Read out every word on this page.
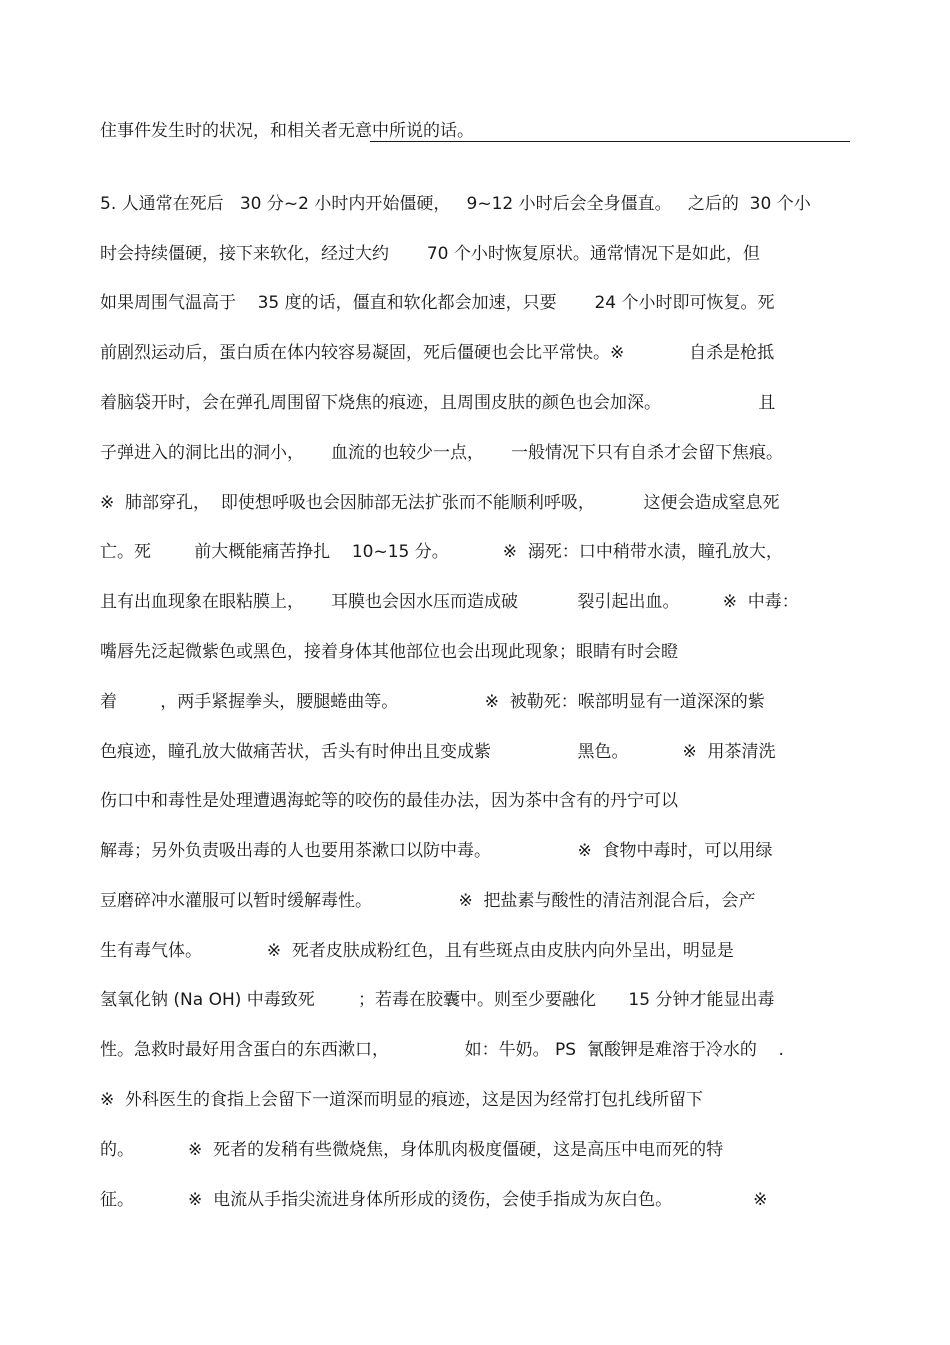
住事件发生时的状况，和相关者无意中所说的话。
5. 人通常在死后   30 分~2 小时内开始僵硬，   9~12 小时后会全身僵直。   之后的  30 个小
时会持续僵硬，接下来软化，经过大约       70 个小时恢复原状。通常情况下是如此，但
如果周围气温高于    35 度的话，僵直和软化都会加速，只要       24 个小时即可恢复。死
前剧烈运动后，蛋白质在体内较容易凝固，死后僵硬也会比平常快。※            自杀是枪抵
着脑袋开时，会在弹孔周围留下烧焦的痕迹，且周围皮肤的颜色也会加深。                  且
子弹进入的洞比出的洞小，     血流的也较少一点，     一般情况下只有自杀才会留下焦痕。
※  肺部穿孔，  即使想呼吸也会因肺部无法扩张而不能顺利呼吸，         这便会造成窒息死
亡。死        前大概能痛苦挣扎    10~15 分。          ※  溺死：口中稍带水渍，瞳孔放大，
且有出血现象在眼粘膜上，     耳膜也会因水压而造成破           裂引起出血。        ※  中毒：
嘴唇先泛起微紫色或黑色，接着身体其他部位也会出现此现象；眼睛有时会瞪
着        ，两手紧握拳头，腰腿蜷曲等。                ※  被勒死：喉部明显有一道深深的紫
色痕迹，瞳孔放大做痛苦状，舌头有时伸出且变成紫                黑色。          ※  用茶清洗
伤口中和毒性是处理遭遇海蛇等的咬伤的最佳办法，因为茶中含有的丹宁可以
解毒；另外负责吸出毒的人也要用茶漱口以防中毒。                ※  食物中毒时，可以用绿
豆磨碎冲水灌服可以暂时缓解毒性。                ※  把盐素与酸性的清洁剂混合后，会产
生有毒气体。            ※  死者皮肤成粉红色，且有些斑点由皮肤内向外呈出，明显是
氢氧化钠 (Na OH) 中毒致死        ；若毒在胶囊中。则至少要融化      15 分钟才能显出毒
性。急救时最好用含蛋白的东西漱口，              如：牛奶。 PS  氰酸钾是难溶于冷水的    .
※  外科医生的食指上会留下一道深而明显的痕迹，这是因为经常打包扎线所留下
的。          ※  死者的发稍有些微烧焦，身体肌肉极度僵硬，这是高压中电而死的特
征。          ※  电流从手指尖流进身体所形成的烫伤，会使手指成为灰白色。               ※
